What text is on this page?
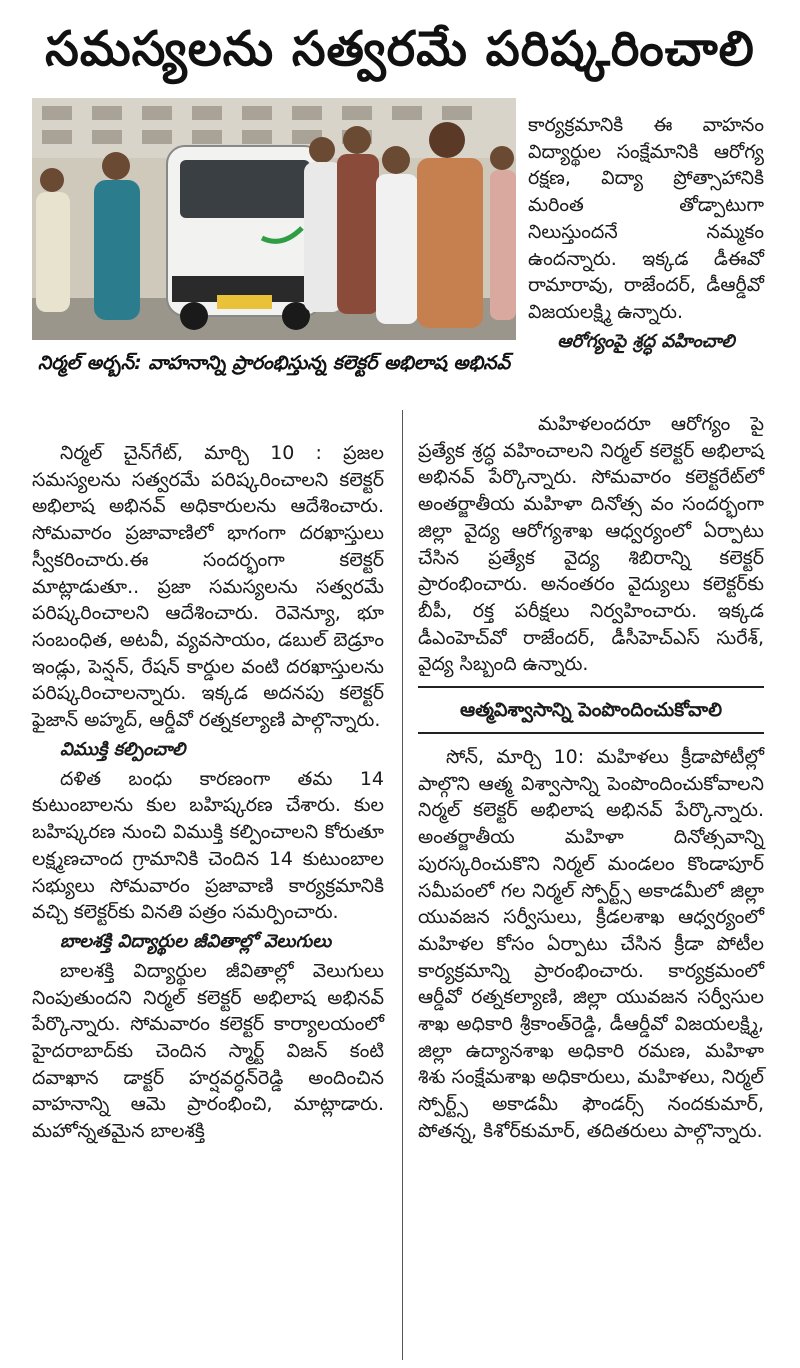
సమస్యలను సత్వరమే పరిష్కరించాలి
నిర్మల్ అర్బన్: వాహనాన్ని ప్రారంభిస్తున్న కలెక్టర్ అభిలాష అభినవ్

కార్యక్రమానికి ఈ వాహనం విద్యార్థుల సంక్షేమానికి ఆరోగ్య రక్షణ, విద్యా ప్రోత్సాహానికి మరింత తోడ్పాటుగా నిలుస్తుందనే నమ్మకం ఉందన్నారు. ఇక్కడ డీఈవో రామారావు, రాజేందర్, డీఆర్డీవో విజయలక్ష్మి ఉన్నారు.

ఆరోగ్యంపై శ్రద్ధ వహించాలి

మహిళలందరూ ఆరోగ్యం పై ప్రత్యేక శ్రద్ధ వహించాలని నిర్మల్ కలెక్టర్ అభిలాష అభినవ్ పేర్కొన్నారు. సోమవారం కలెక్టరేట్‌లో అంతర్జాతీయ మహిళా దినోత్స వం సందర్భంగా జిల్లా వైద్య ఆరోగ్యశాఖ ఆధ్వర్యంలో ఏర్పాటు చేసిన ప్రత్యేక వైద్య శిబిరాన్ని కలెక్టర్ ప్రారంభించారు. అనంతరం వైద్యులు కలెక్టర్‌కు బీపీ, రక్త పరీక్షలు నిర్వహించారు. ఇక్కడ డీఎంహెచ్‌వో రాజేందర్, డీసీహెచ్ఎస్ సురేశ్, వైద్య సిబ్బంది ఉన్నారు.

ఆత్మవిశ్వాసాన్ని పెంపొందించుకోవాలి

సోన్, మార్చి 10: మహిళలు క్రీడాపోటీల్లో పాల్గొని ఆత్మ విశ్వాసాన్ని పెంపొందించుకోవాలని నిర్మల్ కలెక్టర్ అభిలాష అభినవ్ పేర్కొన్నారు. అంతర్జాతీయ మహిళా దినోత్సవాన్ని పురస్కరించుకొని నిర్మల్ మండలం కొండాపూర్ సమీపంలో గల నిర్మల్ స్పోర్ట్స్ అకాడమీలో జిల్లా యువజన సర్వీసులు, క్రీడలశాఖ ఆధ్వర్యంలో మహిళల కోసం ఏర్పాటు చేసిన క్రీడా పోటీల కార్యక్రమాన్ని ప్రారంభించారు. కార్యక్రమంలో ఆర్డీవో రత్నకల్యాణి, జిల్లా యువజన సర్వీసుల శాఖ అధికారి శ్రీకాంత్‌రెడ్డి, డీఆర్డీవో విజయలక్ష్మి, జిల్లా ఉద్యానశాఖ అధికారి రమణ, మహిళా శిశు సంక్షేమశాఖ అధికారులు, మహిళలు, నిర్మల్ స్పోర్ట్స్ అకాడమీ ఫౌండర్స్ నందకుమార్, పోతన్న, కిశోర్‌కుమార్, తదితరులు పాల్గొన్నారు.

నిర్మల్ చైన్‌గేట్, మార్చి 10 : ప్రజల సమస్యలను సత్వరమే పరిష్కరించాలని కలెక్టర్ అభిలాష అభినవ్ అధికారులను ఆదేశించారు. సోమవారం ప్రజావాణిలో భాగంగా దరఖాస్తులు స్వీకరించారు.ఈ సందర్భంగా కలెక్టర్ మాట్లాడుతూ.. ప్రజా సమస్యలను సత్వరమే పరిష్కరించాలని ఆదేశించారు. రెవెన్యూ, భూ సంబంధిత, అటవీ, వ్యవసాయం, డబుల్ బెడ్రూం ఇండ్లు, పెన్షన్, రేషన్ కార్డుల వంటి దరఖాస్తులను పరిష్కరించాలన్నారు. ఇక్కడ అదనపు కలెక్టర్ ఫైజాన్ అహ్మద్, ఆర్డీవో రత్నకల్యాణి పాల్గొన్నారు.

విముక్తి కల్పించాలి

దళిత బంధు కారణంగా తమ 14 కుటుంబాలను కుల బహిష్కరణ చేశారు. కుల బహిష్కరణ నుంచి విముక్తి కల్పించాలని కోరుతూ లక్ష్మణచాంద గ్రామానికి చెందిన 14 కుటుంబాల సభ్యులు సోమవారం ప్రజావాణి కార్యక్రమానికి వచ్చి కలెక్టర్‌కు వినతి పత్రం సమర్పించారు.

బాలశక్తి విద్యార్థుల జీవితాల్లో వెలుగులు

బాలశక్తి విద్యార్థుల జీవితాల్లో వెలుగులు నింపుతుందని నిర్మల్ కలెక్టర్ అభిలాష అభినవ్ పేర్కొన్నారు. సోమవారం కలెక్టర్ కార్యాలయంలో హైదరాబాద్‌కు చెందిన స్మార్ట్ విజన్ కంటి దవాఖాన డాక్టర్ హర్షవర్ధన్‌రెడ్డి అందించిన వాహనాన్ని ఆమె ప్రారంభించి, మాట్లాడారు. మహోన్నతమైన బాలశక్తి
